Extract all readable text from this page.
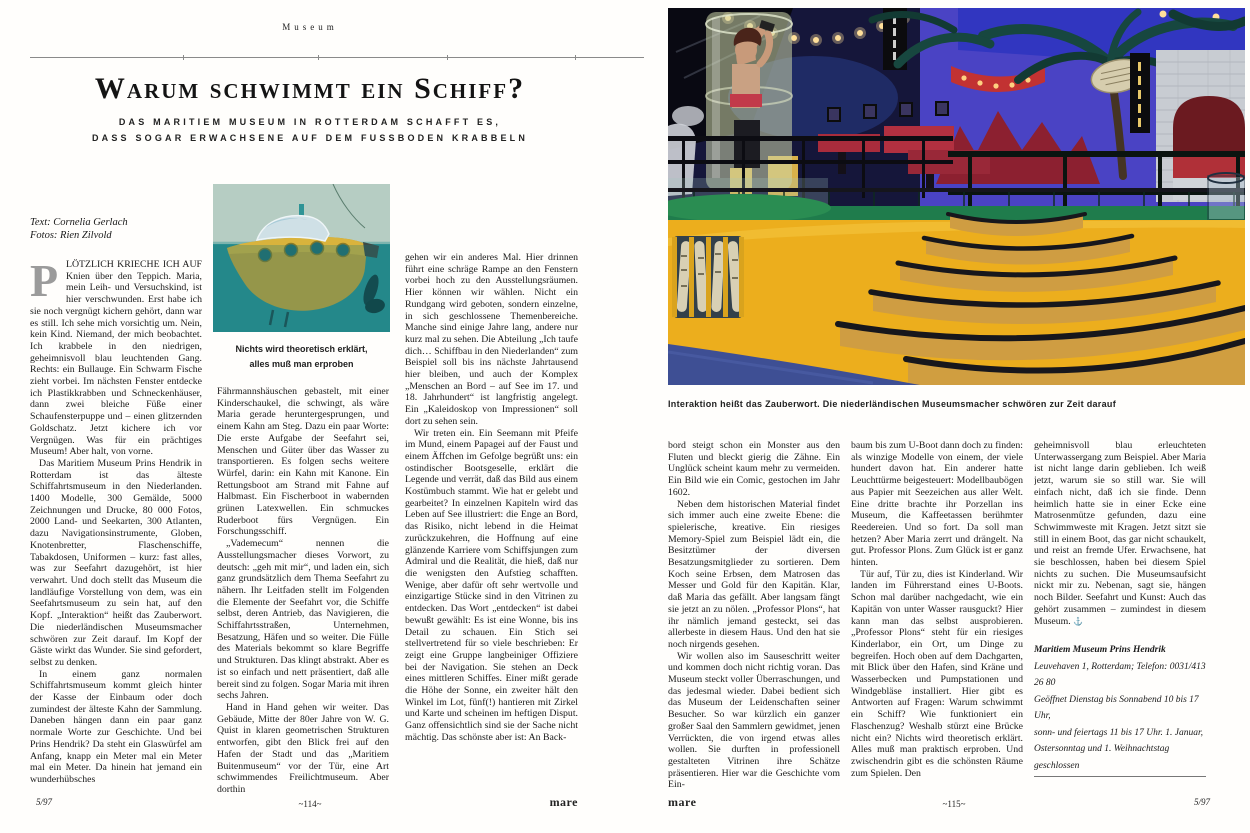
Museum
Warum schwimmt ein Schiff?
DAS MARITIEM MUSEUM IN ROTTERDAM SCHAFFT ES,
DASS SOGAR ERWACHSENE AUF DEM FUSSBODEN KRABBELN
Text: Cornelia Gerlach
Fotos: Rien Zilvold

PLÖTZLICH KRIECHE ICH AUF Knien über den Teppich. Maria, mein Leih- und Versuchskind, ist hier verschwunden. Erst habe ich sie noch vergnügt kichern gehört, dann war es still. Ich sehe mich vorsichtig um. Nein, kein Kind. Niemand, der mich beobachtet. Ich krabbele in den niedrigen, geheimnisvoll blau leuchtenden Gang. Rechts: ein Bullauge. Ein Schwarm Fische zieht vorbei. Im nächsten Fenster entdecke ich Plastikkrabben und Schneckenhäuser, dann zwei bleiche Füße einer Schaufensterpuppe und – einen glitzernden Goldschatz. Jetzt kichere ich vor Vergnügen. Was für ein prächtiges Museum! Aber halt, von vorne.

Das Maritiem Museum Prins Hendrik in Rotterdam ist das älteste Schiffahrtsmuseum in den Niederlanden. 1400 Modelle, 300 Gemälde, 5000 Zeichnungen und Drucke, 80 000 Fotos, 2000 Land- und Seekarten, 300 Atlanten, dazu Navigationsinstrumente, Globen, Knotenbretter, Flaschenschiffe, Tabakdosen, Uniformen – kurz: fast alles, was zur Seefahrt dazugehört, ist hier verwahrt. Und doch stellt das Museum die landläufige Vorstellung von dem, was ein Seefahrtsmuseum zu sein hat, auf den Kopf. „Interaktion“ heißt das Zauberwort. Die niederländischen Museumsmacher schwören zur Zeit darauf. Im Kopf der Gäste wirkt das Wunder. Sie sind gefordert, selbst zu denken.

In einem ganz normalen Schiffahrtsmuseum kommt gleich hinter der Kasse der Einbaum oder doch zumindest der älteste Kahn der Sammlung. Daneben hängen dann ein paar ganz normale Worte zur Geschichte. Und bei Prins Hendrik? Da steht ein Glaswürfel am Anfang, knapp ein Meter mal ein Meter mal ein Meter. Da hinein hat jemand ein wunderhübsches

Nichts wird theoretisch erklärt,
alles muß man erproben

Fährmannshäuschen gebastelt, mit einer Kinderschaukel, die schwingt, als wäre Maria gerade heruntergesprungen, und einem Kahn am Steg. Dazu ein paar Worte: Die erste Aufgabe der Seefahrt sei, Menschen und Güter über das Wasser zu transportieren. Es folgen sechs weitere Würfel, darin: ein Kahn mit Kanone. Ein Rettungsboot am Strand mit Fahne auf Halbmast. Ein Fischerboot in wabernden grünen Latexwellen. Ein schmuckes Ruderboot fürs Vergnügen. Ein Forschungsschiff.

„Vademecum“ nennen die Ausstellungsmacher dieses Vorwort, zu deutsch: „geh mit mir“, und laden ein, sich ganz grundsätzlich dem Thema Seefahrt zu nähern. Ihr Leitfaden stellt im Folgenden die Elemente der Seefahrt vor, die Schiffe selbst, deren Antrieb, das Navigieren, die Schiffahrtsstraßen, Unternehmen, Besatzung, Häfen und so weiter. Die Fülle des Materials bekommt so klare Begriffe und Strukturen. Das klingt abstrakt. Aber es ist so einfach und nett präsentiert, daß alle bereit sind zu folgen. Sogar Maria mit ihren sechs Jahren.

Hand in Hand gehen wir weiter. Das Gebäude, Mitte der 80er Jahre von W. G. Quist in klaren geometrischen Strukturen entworfen, gibt den Blick frei auf den Hafen der Stadt und das „Maritiem Buitenmuseum“ vor der Tür, eine Art schwimmendes Freilichtmuseum. Aber dorthin

gehen wir ein anderes Mal. Hier drinnen führt eine schräge Rampe an den Fenstern vorbei hoch zu den Ausstellungsräumen. Hier können wir wählen. Nicht ein Rundgang wird geboten, sondern einzelne, in sich geschlossene Themenbereiche. Manche sind einige Jahre lang, andere nur kurz mal zu sehen. Die Abteilung „Ich taufe dich… Schiffbau in den Niederlanden“ zum Beispiel soll bis ins nächste Jahrtausend hier bleiben, und auch der Komplex „Menschen an Bord – auf See im 17. und 18. Jahrhundert“ ist langfristig angelegt. Ein „Kaleidoskop von Impressionen“ soll dort zu sehen sein.

Wir treten ein. Ein Seemann mit Pfeife im Mund, einem Papagei auf der Faust und einem Äffchen im Gefolge begrüßt uns: ein ostindischer Bootsgeselle, erklärt die Legende und verrät, daß das Bild aus einem Kostümbuch stammt. Wie hat er gelebt und gearbeitet? In einzelnen Kapiteln wird das Leben auf See illustriert: die Enge an Bord, das Risiko, nicht lebend in die Heimat zurückzukehren, die Hoffnung auf eine glänzende Karriere vom Schiffsjungen zum Admiral und die Realität, die hieß, daß nur die wenigsten den Aufstieg schafften. Wenige, aber dafür oft sehr wertvolle und einzigartige Stücke sind in den Vitrinen zu entdecken. Das Wort „entdecken“ ist dabei bewußt gewählt: Es ist eine Wonne, bis ins Detail zu schauen. Ein Stich sei stellvertretend für so viele beschrieben: Er zeigt eine Gruppe langbeiniger Offiziere bei der Navigation. Sie stehen an Deck eines mittleren Schiffes. Einer mißt gerade die Höhe der Sonne, ein zweiter hält den Winkel im Lot, fünf(!) hantieren mit Zirkel und Karte und scheinen im heftigen Disput. Ganz offensichtlich sind sie der Sache nicht mächtig. Das schönste aber ist: An Back-

5/97	~114~	mare
Interaktion heißt das Zauberwort. Die niederländischen Museumsmacher schwören zur Zeit darauf

bord steigt schon ein Monster aus den Fluten und bleckt gierig die Zähne. Ein Unglück scheint kaum mehr zu vermeiden. Ein Bild wie ein Comic, gestochen im Jahr 1602.

Neben dem historischen Material findet sich immer auch eine zweite Ebene: die spielerische, kreative. Ein riesiges Memory-Spiel zum Beispiel lädt ein, die Besitztümer der diversen Besatzungsmitglieder zu sortieren. Dem Koch seine Erbsen, dem Matrosen das Messer und Gold für den Kapitän. Klar, daß Maria das gefällt. Aber langsam fängt sie jetzt an zu nölen. „Professor Plons“, hat ihr nämlich jemand gesteckt, sei das allerbeste in diesem Haus. Und den hat sie noch nirgends gesehen.

Wir wollen also im Sauseschritt weiter und kommen doch nicht richtig voran. Das Museum steckt voller Überraschungen, und das jedesmal wieder. Dabei bedient sich das Museum der Leidenschaften seiner Besucher. So war kürzlich ein ganzer großer Saal den Sammlern gewidmet, jenen Verrückten, die von irgend etwas alles wollen. Sie durften in professionell gestalteten Vitrinen ihre Schätze präsentieren. Hier war die Geschichte vom Ein-

baum bis zum U-Boot dann doch zu finden: als winzige Modelle von einem, der viele hundert davon hat. Ein anderer hatte Leuchttürme beigesteuert: Modellbaubögen aus Papier mit Seezeichen aus aller Welt. Eine dritte brachte ihr Porzellan ins Museum, die Kaffeetassen berühmter Reedereien. Und so fort. Da soll man hetzen? Aber Maria zerrt und drängelt. Na gut. Professor Plons. Zum Glück ist er ganz hinten.

Tür auf, Tür zu, dies ist Kinderland. Wir landen im Führerstand eines U-Boots. Schon mal darüber nachgedacht, wie ein Kapitän von unter Wasser rausguckt? Hier kann man das selbst ausprobieren. „Professor Plons“ steht für ein riesiges Kinderlabor, ein Ort, um Dinge zu begreifen. Hoch oben auf dem Dachgarten, mit Blick über den Hafen, sind Kräne und Wasserbecken und Pumpstationen und Windgebläse installiert. Hier gibt es Antworten auf Fragen: Warum schwimmt ein Schiff? Wie funktioniert ein Flaschenzug? Weshalb stürzt eine Brücke nicht ein? Nichts wird theoretisch erklärt. Alles muß man praktisch erproben. Und zwischendrin gibt es die schönsten Räume zum Spielen. Den

geheimnisvoll blau erleuchteten Unterwassergang zum Beispiel. Aber Maria ist nicht lange darin geblieben. Ich weiß jetzt, warum sie so still war. Sie will einfach nicht, daß ich sie finde. Denn heimlich hatte sie in einer Ecke eine Matrosenmütze gefunden, dazu eine Schwimmweste mit Kragen. Jetzt sitzt sie still in einem Boot, das gar nicht schaukelt, und reist an fremde Ufer. Erwachsene, hat sie beschlossen, haben bei diesem Spiel nichts zu suchen. Die Museumsaufsicht nickt mir zu. Nebenan, sagt sie, hängen noch Bilder. Seefahrt und Kunst: Auch das gehört zusammen – zumindest in diesem Museum. ⚓

Maritiem Museum Prins Hendrik
Leuvehaven 1, Rotterdam; Telefon: 0031/413 26 80
Geöffnet Dienstag bis Sonnabend 10 bis 17 Uhr,
sonn- und feiertags 11 bis 17 Uhr. 1. Januar,
Ostersonntag und 1. Weihnachtstag geschlossen
mare	~115~	5/97
